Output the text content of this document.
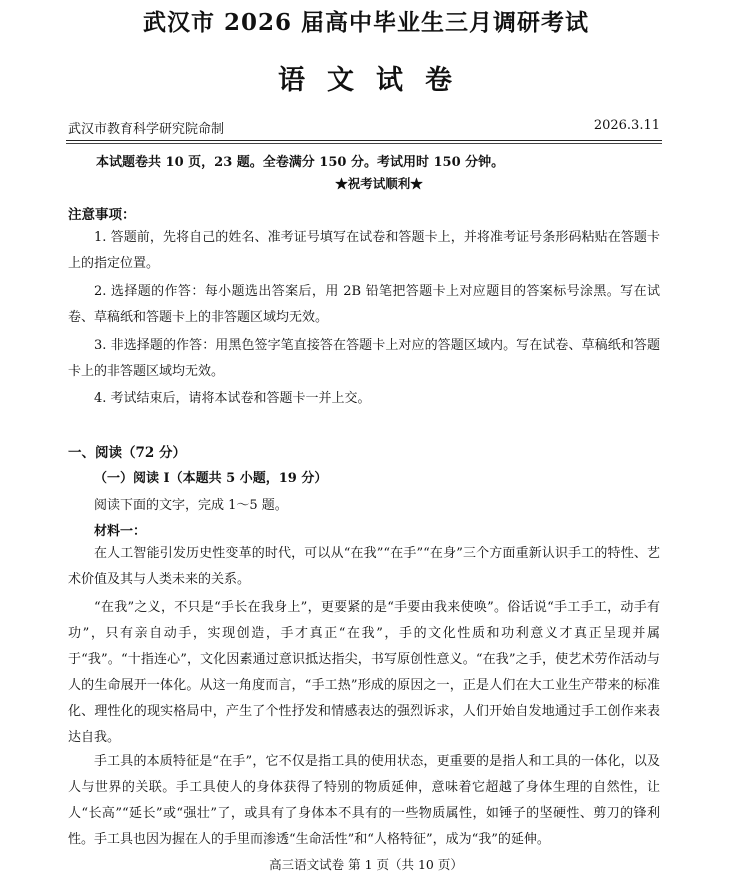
武汉市 2026 届高中毕业生三月调研考试
语文试卷
武汉市教育科学研究院命制	2026.3.11
本试题卷共 10 页，23 题。全卷满分 150 分。考试用时 150 分钟。
★祝考试顺利★
注意事项：
1. 答题前，先将自己的姓名、准考证号填写在试卷和答题卡上，并将准考证号条形码粘贴在答题卡上的指定位置。
2. 选择题的作答：每小题选出答案后，用 2B 铅笔把答题卡上对应题目的答案标号涂黑。写在试卷、草稿纸和答题卡上的非答题区域均无效。
3. 非选择题的作答：用黑色签字笔直接答在答题卡上对应的答题区域内。写在试卷、草稿纸和答题卡上的非答题区域均无效。
4. 考试结束后，请将本试卷和答题卡一并上交。
一、阅读（72 分）
（一）阅读 Ⅰ（本题共 5 小题，19 分）
阅读下面的文字，完成 1～5 题。
材料一：
在人工智能引发历史性变革的时代，可以从“在我”“在手”“在身”三个方面重新认识手工的特性、艺术价值及其与人类未来的关系。
“在我”之义，不只是“手长在我身上”，更要紧的是“手要由我来使唤”。俗话说“手工手工，动手有功”，只有亲自动手，实现创造，手才真正“在我”，手的文化性质和功利意义才真正呈现并属于“我”。“十指连心”，文化因素通过意识抵达指尖，书写原创性意义。“在我”之手，使艺术劳作活动与人的生命展开一体化。从这一角度而言，“手工热”形成的原因之一，正是人们在大工业生产带来的标准化、理性化的现实格局中，产生了个性抒发和情感表达的强烈诉求，人们开始自发地通过手工创作来表达自我。
手工具的本质特征是“在手”，它不仅是指工具的使用状态，更重要的是指人和工具的一体化，以及人与世界的关联。手工具使人的身体获得了特别的物质延伸，意味着它超越了身体生理的自然性，让人“长高”“延长”或“强壮”了，或具有了身体本不具有的一些物质属性，如锤子的坚硬性、剪刀的锋利性。手工具也因为握在人的手里而渗透“生命活性”和“人格特征”，成为“我”的延伸。
高三语文试卷 第 1 页（共 10 页）
